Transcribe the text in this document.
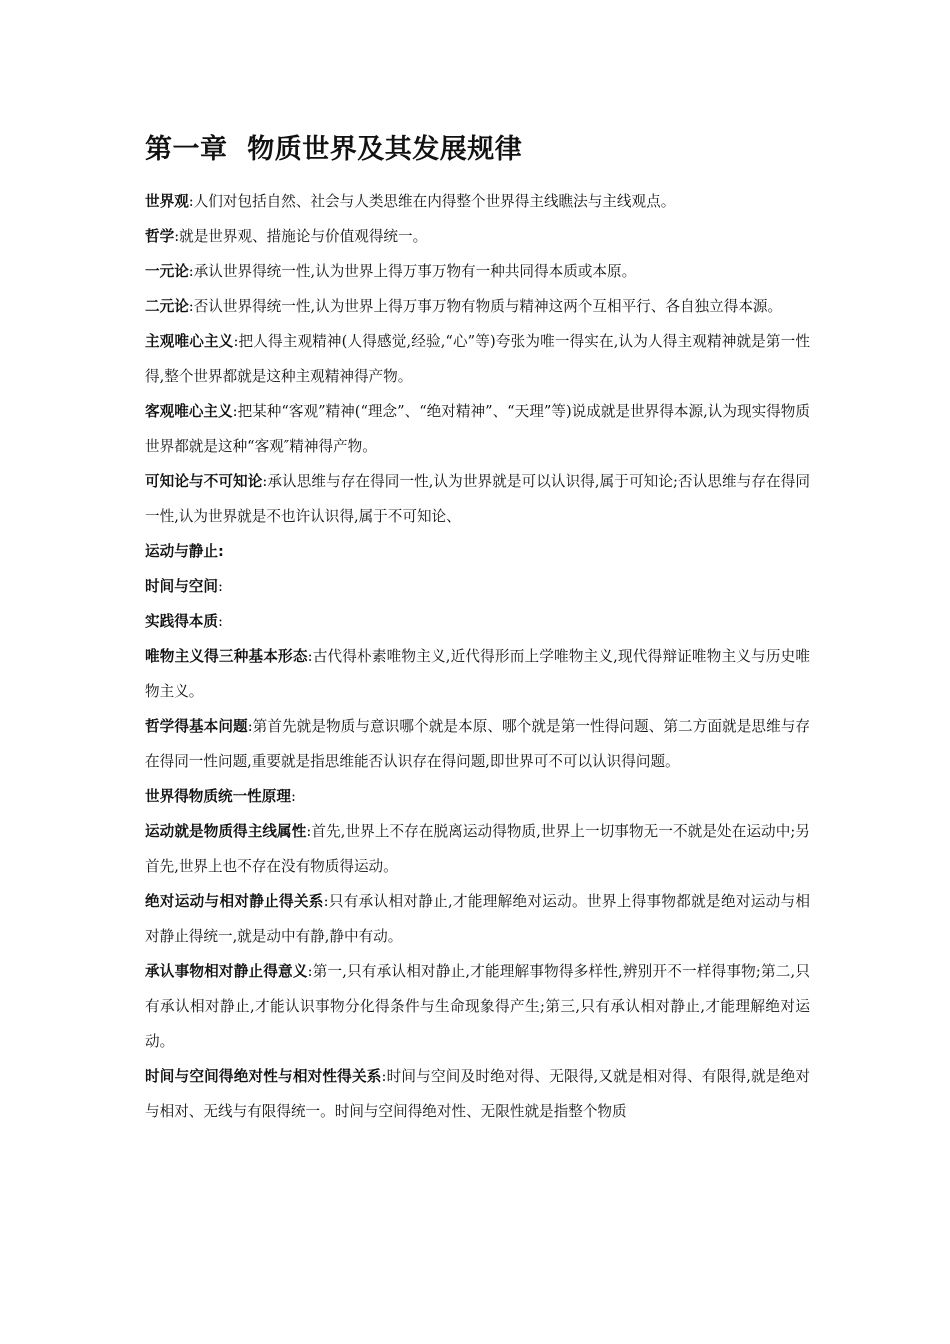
第一章  物质世界及其发展规律

世界观:人们对包括自然、社会与人类思维在内得整个世界得主线瞧法与主线观点。

哲学:就是世界观、措施论与价值观得统一。

一元论:承认世界得统一性,认为世界上得万事万物有一种共同得本质或本原。

二元论:否认世界得统一性,认为世界上得万事万物有物质与精神这两个互相平行、各自独立得本源。

主观唯心主义:把人得主观精神(人得感觉,经验,“心”等)夸张为唯一得实在,认为人得主观精神就是第一性得,整个世界都就是这种主观精神得产物。

客观唯心主义:把某种“客观”精神(“理念”、“绝对精神”、“天理”等)说成就是世界得本源,认为现实得物质世界都就是这种“客观″精神得产物。

可知论与不可知论:承认思维与存在得同一性,认为世界就是可以认识得,属于可知论;否认思维与存在得同一性,认为世界就是不也许认识得,属于不可知论、

运动与静止:

时间与空间:

实践得本质:

唯物主义得三种基本形态:古代得朴素唯物主义,近代得形而上学唯物主义,现代得辩证唯物主义与历史唯物主义。

哲学得基本问题:第首先就是物质与意识哪个就是本原、哪个就是第一性得问题、第二方面就是思维与存在得同一性问题,重要就是指思维能否认识存在得问题,即世界可不可以认识得问题。

世界得物质统一性原理:

运动就是物质得主线属性:首先,世界上不存在脱离运动得物质,世界上一切事物无一不就是处在运动中;另首先,世界上也不存在没有物质得运动。

绝对运动与相对静止得关系:只有承认相对静止,才能理解绝对运动。世界上得事物都就是绝对运动与相对静止得统一,就是动中有静,静中有动。

承认事物相对静止得意义:第一,只有承认相对静止,才能理解事物得多样性,辨别开不一样得事物;第二,只有承认相对静止,才能认识事物分化得条件与生命现象得产生;第三,只有承认相对静止,才能理解绝对运动。

时间与空间得绝对性与相对性得关系:时间与空间及时绝对得、无限得,又就是相对得、有限得,就是绝对与相对、无线与有限得统一。时间与空间得绝对性、无限性就是指整个物质
